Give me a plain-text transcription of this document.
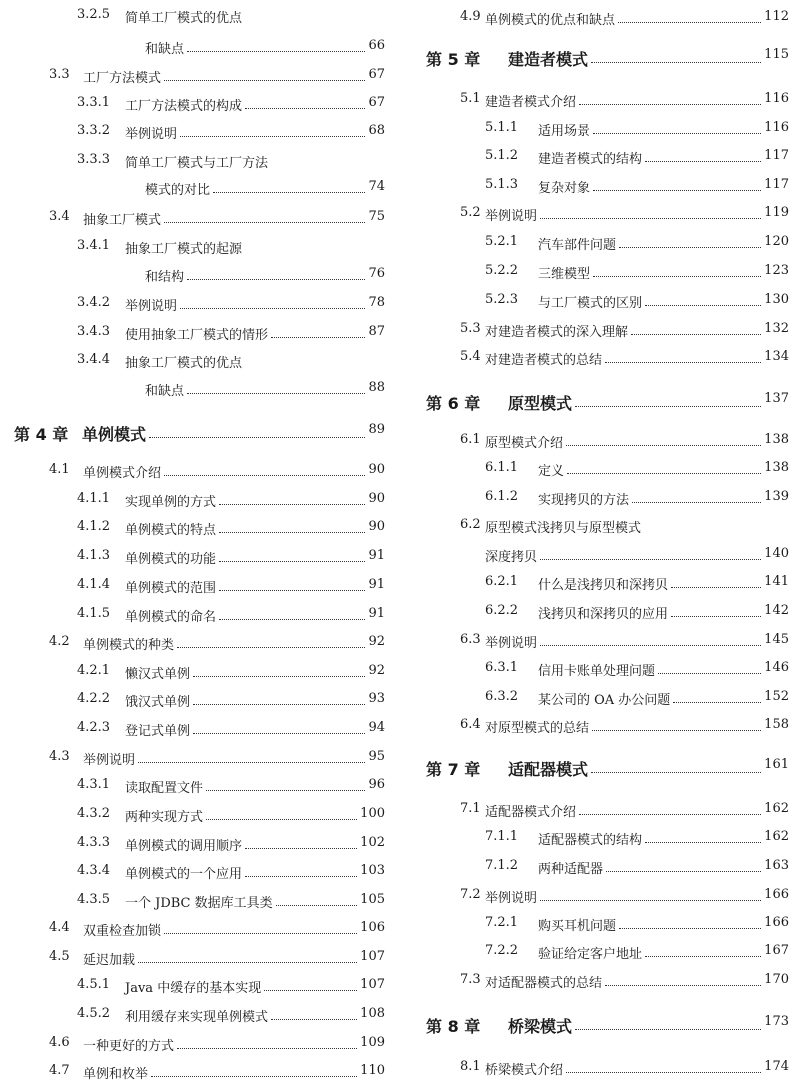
3.2.5 简单工厂模式的优点
和缺点	66
3.3 工厂方法模式	67
3.3.1 工厂方法模式的构成	67
3.3.2 举例说明	68
3.3.3 简单工厂模式与工厂方法
模式的对比	74
3.4 抽象工厂模式	75
3.4.1 抽象工厂模式的起源
和结构	76
3.4.2 举例说明	78
3.4.3 使用抽象工厂模式的情形	87
3.4.4 抽象工厂模式的优点
和缺点	88
第 4 章 单例模式	89
4.1 单例模式介绍	90
4.1.1 实现单例的方式	90
4.1.2 单例模式的特点	90
4.1.3 单例模式的功能	91
4.1.4 单例模式的范围	91
4.1.5 单例模式的命名	91
4.2 单例模式的种类	92
4.2.1 懒汉式单例	92
4.2.2 饿汉式单例	93
4.2.3 登记式单例	94
4.3 举例说明	95
4.3.1 读取配置文件	96
4.3.2 两种实现方式	100
4.3.3 单例模式的调用顺序	102
4.3.4 单例模式的一个应用	103
4.3.5 一个 JDBC 数据库工具类	105
4.4 双重检查加锁	106
4.5 延迟加载	107
4.5.1 Java 中缓存的基本实现	107
4.5.2 利用缓存来实现单例模式	108
4.6 一种更好的方式	109
4.7 单例和枚举	110
4.9 单例模式的优点和缺点	112
第 5 章 建造者模式	115
5.1 建造者模式介绍	116
5.1.1 适用场景	116
5.1.2 建造者模式的结构	117
5.1.3 复杂对象	117
5.2 举例说明	119
5.2.1 汽车部件问题	120
5.2.2 三维模型	123
5.2.3 与工厂模式的区别	130
5.3 对建造者模式的深入理解	132
5.4 对建造者模式的总结	134
第 6 章 原型模式	137
6.1 原型模式介绍	138
6.1.1 定义	138
6.1.2 实现拷贝的方法	139
6.2 原型模式浅拷贝与原型模式
深度拷贝	140
6.2.1 什么是浅拷贝和深拷贝	141
6.2.2 浅拷贝和深拷贝的应用	142
6.3 举例说明	145
6.3.1 信用卡账单处理问题	146
6.3.2 某公司的 OA 办公问题	152
6.4 对原型模式的总结	158
第 7 章 适配器模式	161
7.1 适配器模式介绍	162
7.1.1 适配器模式的结构	162
7.1.2 两种适配器	163
7.2 举例说明	166
7.2.1 购买耳机问题	166
7.2.2 验证给定客户地址	167
7.3 对适配器模式的总结	170
第 8 章 桥梁模式	173
8.1 桥梁模式介绍	174
